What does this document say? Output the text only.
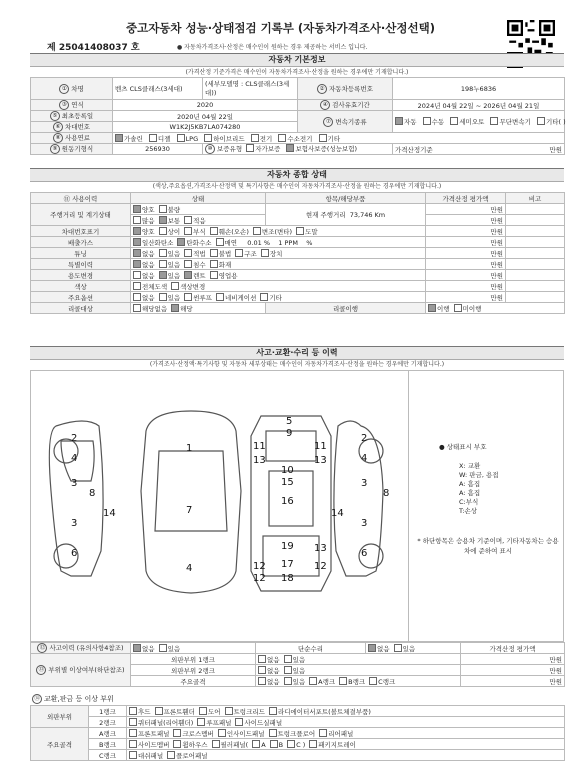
중고자동차 성능·상태점검 기록부 (자동차가격조사·산정선택)
제 25041408037 호	● 자동차가격조사·산정은 매수인이 원하는 경우 제공하는 서비스 입니다.
자동차 기본정보
(가격산정 기준가격은 매수인이 자동차가격조사·산정을 원하는 경우에만 기재합니다.)
① 차명	벤츠 CLS클래스(3세대)	(세부모델명 : CLS클래스(3세대))	② 자동차등록번호	198누6836
③ 연식	2020		④ 검사유효기간	2024년 04월 22일 ~ 2026년 04월 21일
⑤ 최초등록일	2020년 04월 22일		⑦ 변속기종류	자동 수동 세미오토 무단변속기 기타( )
⑥ 차대번호	W1K2J5KB7LA074280			
⑧ 사용연료	가솔린 디젤 LPG 하이브리드 전기 수소전기 기타			
⑨ 원동기형식	256930	⑩ 보증유형 자가보증 보험사보증(성능보험)		가격산정기준 만원
자동차 종합 상태
(색상,주요옵션,가격조사·산정액 및 특기사항은 매수인이 자동차가격조사·산정을 원하는 경우에만 기재합니다.)
⑪ 사용이력	상태	항목/해당부품	가격산정 평가액	비고
주행거리 및 계기상태	양호 불량	현재 주행거리 73,746 Km	만원	
	많음 보통 적음		만원	
차대번호표기	양호 상이 부식 훼손(오손) 변조(변타) 도말		만원	
배출가스	일산화탄소 탄화수소 매연 0.01 % 1 PPM %		만원	
튜닝	없음 있음 적법 불법 구조 장치		만원	
특별이력	없음 있음 침수 화재		만원	
용도변경	없음 있음 렌트 영업용		만원	
색상	전체도색 색상변경		만원	
주요옵션	없음 있음 썬루프 네비게이션 기타		만원	
리콜대상	해당없음 해당	리콜이행	이행 미이행	
사고·교환·수리 등 이력
(가격조사·산정액·특기사항 및 자동차 세부상태는 매수인이 자동차가격조사·산정을 원하는 경우에만 기재합니다.)
2
4
3
8
3
14
6
1
7
4
5
9
11	11
13	13
10
15
16
19
12	12
17
13
12 18
2
4
3
3
14
8
6
● 상태표시 부호
X: 교환
W: 판금, 용접
A: 흠집
A: 흠집
C:부식
T:손상
* 하단항목은 승용차 기준이며, 기타자동차는 승용차에 준하여 표시
⑫ 사고이력 (유의사항4참조)	없음 있음	단순수리	없음 있음	가격산정 평가액
⑬ 부위별 이상여부(하단참조)	외판부위 1랭크	없음 있음		만원
	외판부위 2랭크	없음 있음		만원
	주요골격	없음 있음 A랭크 B랭크 C랭크		만원
⑭ 교환,판금 등 이상 부위
외판부위	1랭크	후드 프론트휀더 도어 트렁크리드 라디에이터서포트(볼트체결부품)
	2랭크	쿼터패널(리어휀더) 루프패널 사이드실패널
주요골격	A랭크	프론트패널 크로스멤버 인사이드패널 트렁크플로어 리어패널
	B랭크	사이드멤버 휠하우스 필러패널( A B C ) 패키지트레이
	C랭크	대쉬패널 플로어패널
